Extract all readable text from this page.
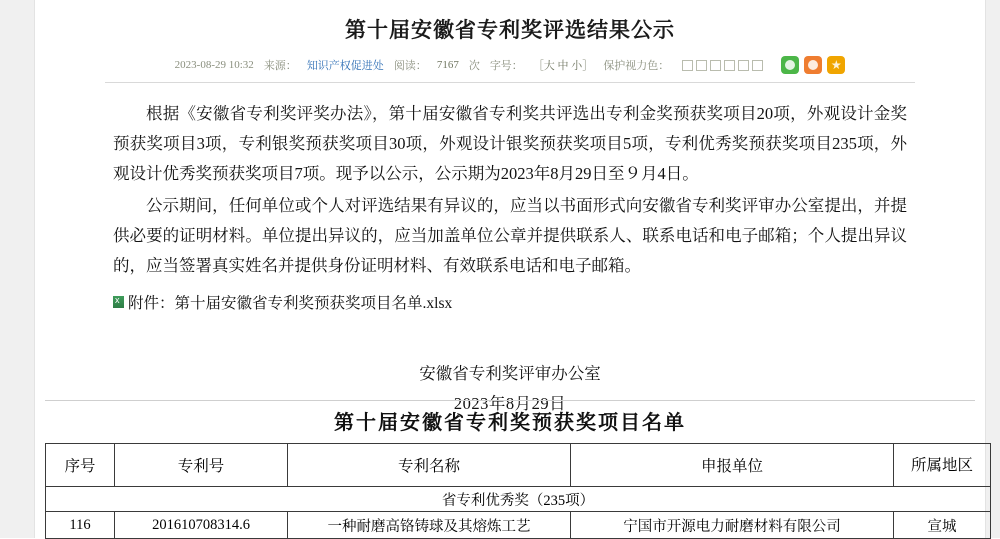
第十届安徽省专利奖评选结果公示
2023-08-29 10:32 来源： 知识产权促进处 阅读： 7167 次 字号： ［大 中 小］ 保护视力色：

根据《安徽省专利奖评奖办法》，第十届安徽省专利奖共评选出专利金奖预获奖项目20项，外观设计金奖预获奖项目3项，专利银奖预获奖项目30项，外观设计银奖预获奖项目5项，专利优秀奖预获奖项目235项，外观设计优秀奖预获奖项目7项。现予以公示，公示期为2023年8月29日至９月4日。

公示期间，任何单位或个人对评选结果有异议的，应当以书面形式向安徽省专利奖评审办公室提出，并提供必要的证明材料。单位提出异议的，应当加盖单位公章并提供联系人、联系电话和电子邮箱；个人提出异议的，应当签署真实姓名并提供身份证明材料、有效联系电话和电子邮箱。

x
附件： 第十届安徽省专利奖预获奖项目名单.xlsx
安徽省专利奖评审办公室
2023年8月29日
第十届安徽省专利奖预获奖项目名单
序号	专利号	专利名称	申报单位	所属地区
省专利优秀奖（235项）				
116	201610708314.6	一种耐磨高铬铸球及其熔炼工艺	宁国市开源电力耐磨材料有限公司	宣城
